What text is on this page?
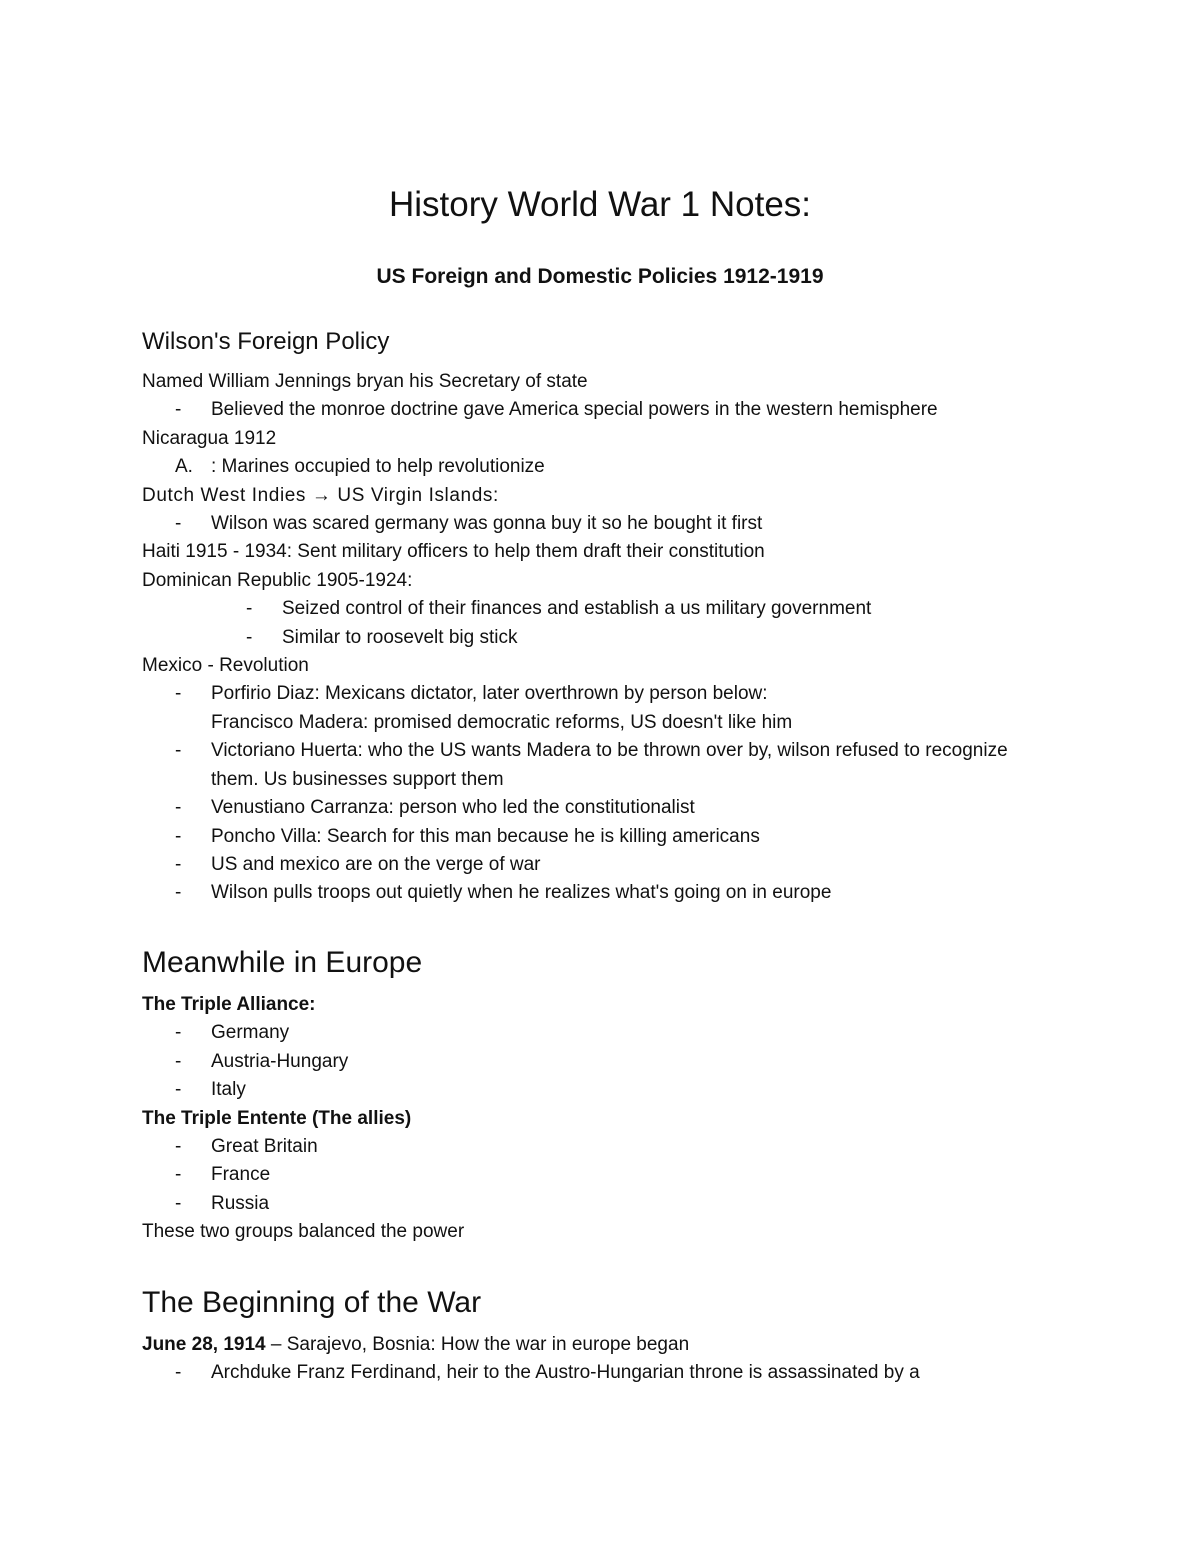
History World War 1 Notes:
US Foreign and Domestic Policies 1912-1919
Wilson's Foreign Policy
Named William Jennings bryan his Secretary of state
- Believed the monroe doctrine gave America special powers in the western hemisphere
Nicaragua 1912
A. : Marines occupied to help revolutionize
Dutch West Indies → US Virgin Islands:
- Wilson was scared germany was gonna buy it so he bought it first
Haiti 1915 - 1934: Sent military officers to help them draft their constitution
Dominican Republic 1905-1924:
- Seized control of their finances and establish a us military government
- Similar to roosevelt big stick
Mexico - Revolution
- Porfirio Diaz: Mexicans dictator, later overthrown by person below:
Francisco Madera: promised democratic reforms, US doesn't like him
- Victoriano Huerta: who the US wants Madera to be thrown over by, wilson refused to recognize them. Us businesses support them
- Venustiano Carranza: person who led the constitutionalist
- Poncho Villa: Search for this man because he is killing americans
- US and mexico are on the verge of war
- Wilson pulls troops out quietly when he realizes what's going on in europe
Meanwhile in Europe
The Triple Alliance:
- Germany
- Austria-Hungary
- Italy
The Triple Entente (The allies)
- Great Britain
- France
- Russia
These two groups balanced the power
The Beginning of the War
June 28, 1914 – Sarajevo, Bosnia: How the war in europe began
- Archduke Franz Ferdinand, heir to the Austro-Hungarian throne is assassinated by a
